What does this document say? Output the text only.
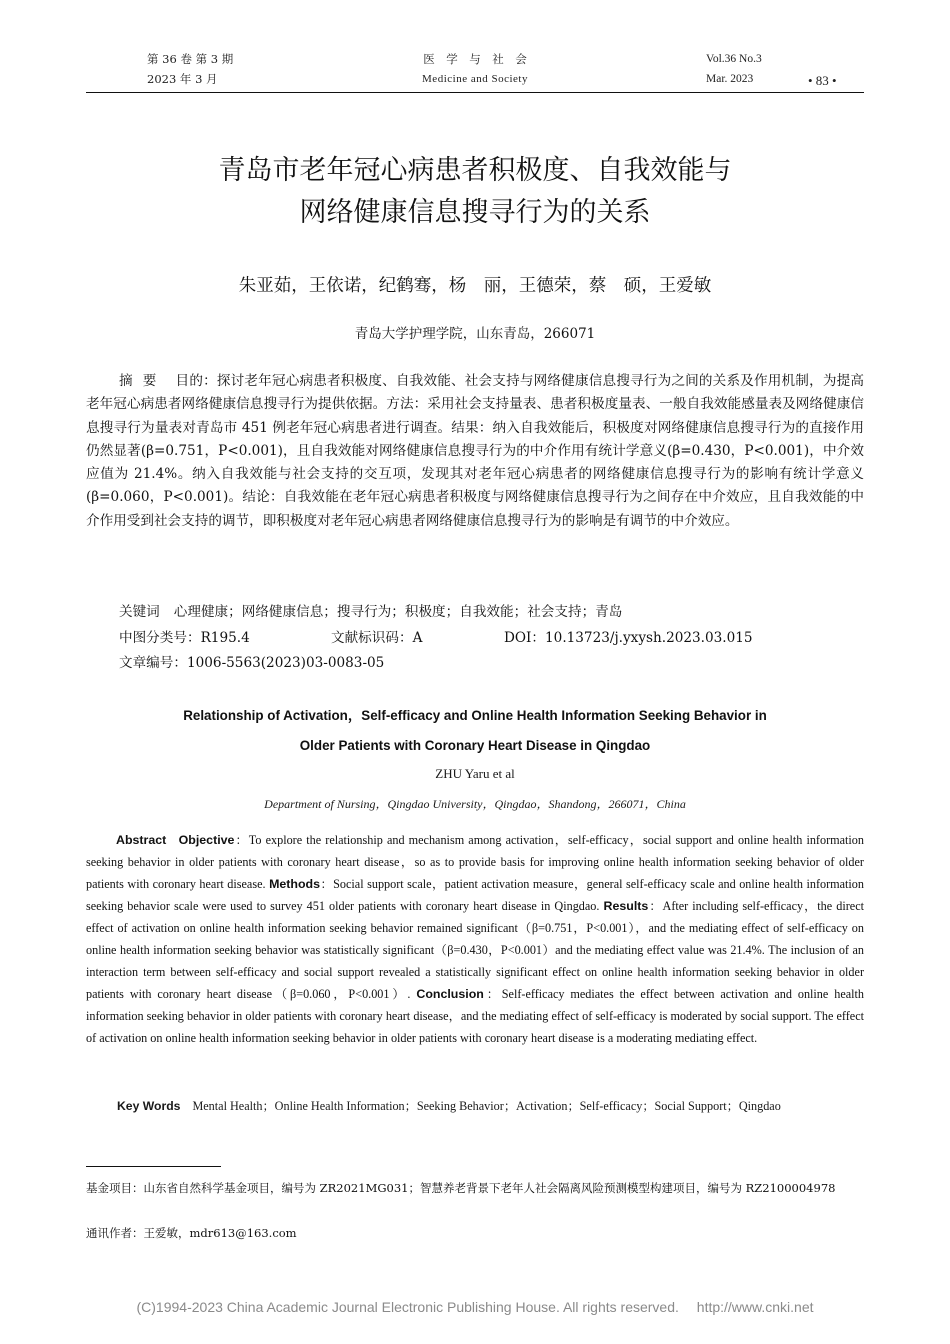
第 36 卷 第 3 期
2023 年 3 月
医　学　与　社　会
Medicine and Society
Vol.36 No.3
Mar. 2023	• 83 •
青岛市老年冠心病患者积极度、自我效能与
网络健康信息搜寻行为的关系
朱亚茹，王依诺，纪鹤骞，杨　丽，王德荣，蔡　硕，王爱敏
青岛大学护理学院，山东青岛，266071
摘要 目的：探讨老年冠心病患者积极度、自我效能、社会支持与网络健康信息搜寻行为之间的关系及作用机制，为提高老年冠心病患者网络健康信息搜寻行为提供依据。方法：采用社会支持量表、患者积极度量表、一般自我效能感量表及网络健康信息搜寻行为量表对青岛市 451 例老年冠心病患者进行调查。结果：纳入自我效能后，积极度对网络健康信息搜寻行为的直接作用仍然显著(β=0.751，P<0.001)，且自我效能对网络健康信息搜寻行为的中介作用有统计学意义(β=0.430，P<0.001)，中介效应值为 21.4%。纳入自我效能与社会支持的交互项，发现其对老年冠心病患者的网络健康信息搜寻行为的影响有统计学意义(β=0.060，P<0.001)。结论：自我效能在老年冠心病患者积极度与网络健康信息搜寻行为之间存在中介效应，且自我效能的中介作用受到社会支持的调节，即积极度对老年冠心病患者网络健康信息搜寻行为的影响是有调节的中介效应。
关键词 心理健康；网络健康信息；搜寻行为；积极度；自我效能；社会支持；青岛
中图分类号：R195.4	文献标识码：A	DOI：10.13723/j.yxysh.2023.03.015
文章编号： 1006-5563(2023)03-0083-05
Relationship of Activation，Self-efficacy and Online Health Information Seeking Behavior in
Older Patients with Coronary Heart Disease in Qingdao
ZHU Yaru et al
Department of Nursing，Qingdao University，Qingdao，Shandong，266071，China
Abstract Objective：To explore the relationship and mechanism among activation，self-efficacy，social support and online health information seeking behavior in older patients with coronary heart disease，so as to provide basis for improving online health information seeking behavior of older patients with coronary heart disease. Methods：Social support scale，patient activation measure，general self-efficacy scale and online health information seeking behavior scale were used to survey 451 older patients with coronary heart disease in Qingdao. Results：After including self-efficacy，the direct effect of activation on online health information seeking behavior remained significant（β=0.751，P<0.001），and the mediating effect of self-efficacy on online health information seeking behavior was statistically significant（β=0.430，P<0.001）and the mediating effect value was 21.4%. The inclusion of an interaction term between self-efficacy and social support revealed a statistically significant effect on online health information seeking behavior in older patients with coronary heart disease（β=0.060，P<0.001）. Conclusion：Self-efficacy mediates the effect between activation and online health information seeking behavior in older patients with coronary heart disease，and the mediating effect of self-efficacy is moderated by social support. The effect of activation on online health information seeking behavior in older patients with coronary heart disease is a moderating mediating effect.
Key Words Mental Health；Online Health Information；Seeking Behavior；Activation；Self-efficacy；Social Support；Qingdao
基金项目：山东省自然科学基金项目，编号为 ZR2021MG031；智慧养老背景下老年人社会隔离风险预测模型构建项目，编号为 RZ2100004978
通讯作者：王爱敏，mdr613@163.com
(C)1994-2023 China Academic Journal Electronic Publishing House. All rights reserved.　 http://www.cnki.net
